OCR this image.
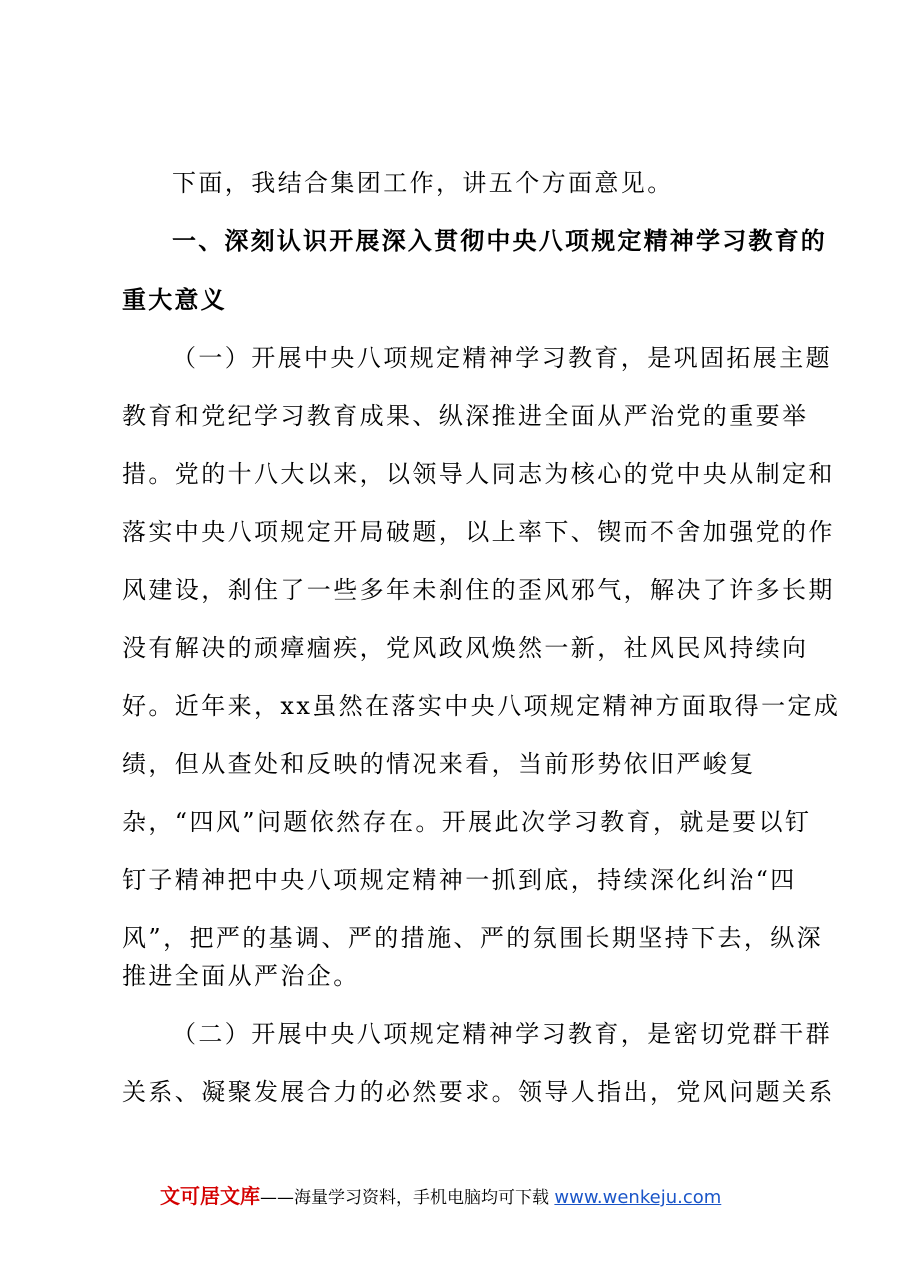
下面，我结合集团工作，讲五个方面意见。
一、深刻认识开展深入贯彻中央八项规定精神学习教育的
重大意义
（一）开展中央八项规定精神学习教育，是巩固拓展主题
教育和党纪学习教育成果、纵深推进全面从严治党的重要举
措。党的十八大以来，以领导人同志为核心的党中央从制定和
落实中央八项规定开局破题，以上率下、锲而不舍加强党的作
风建设，刹住了一些多年未刹住的歪风邪气，解决了许多长期
没有解决的顽瘴痼疾，党风政风焕然一新，社风民风持续向
好。近年来，xx虽然在落实中央八项规定精神方面取得一定成
绩，但从查处和反映的情况来看，当前形势依旧严峻复
杂，“四风”问题依然存在。开展此次学习教育，就是要以钉
钉子精神把中央八项规定精神一抓到底，持续深化纠治“四
风”，把严的基调、严的措施、严的氛围长期坚持下去，纵深
推进全面从严治企。
（二）开展中央八项规定精神学习教育，是密切党群干群
关系、凝聚发展合力的必然要求。领导人指出，党风问题关系
文可居文库——海量学习资料，手机电脑均可下载 www.wenkeju.com
